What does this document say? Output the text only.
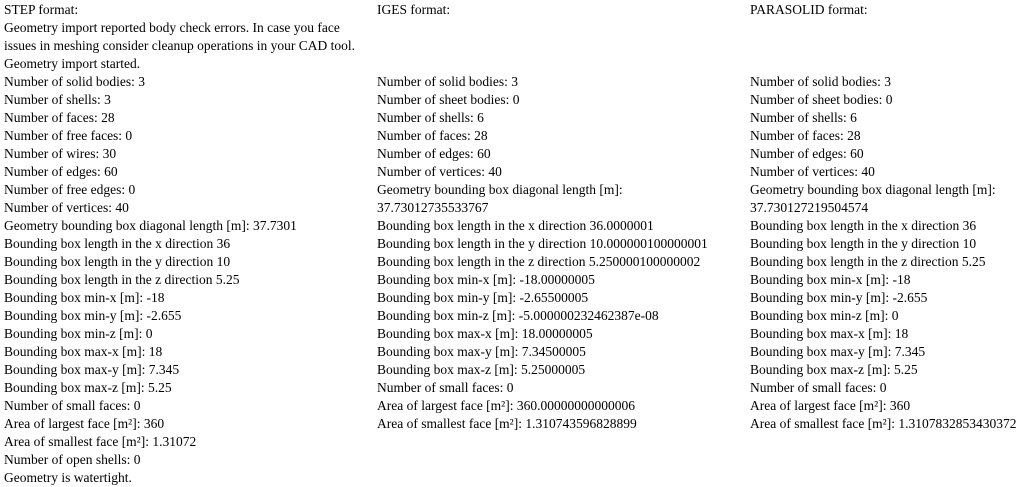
STEP format:
Geometry import reported body check errors. In case you face
issues in meshing consider cleanup operations in your CAD tool.
Geometry import started.
Number of solid bodies: 3
Number of shells: 3
Number of faces: 28
Number of free faces: 0
Number of wires: 30
Number of edges: 60
Number of free edges: 0
Number of vertices: 40
Geometry bounding box diagonal length [m]: 37.7301
Bounding box length in the x direction 36
Bounding box length in the y direction 10
Bounding box length in the z direction 5.25
Bounding box min-x [m]: -18
Bounding box min-y [m]: -2.655
Bounding box min-z [m]: 0
Bounding box max-x [m]: 18
Bounding box max-y [m]: 7.345
Bounding box max-z [m]: 5.25
Number of small faces: 0
Area of largest face [m²]: 360
Area of smallest face [m²]: 1.31072
Number of open shells: 0
Geometry is watertight.
IGES format:

Number of solid bodies: 3
Number of sheet bodies: 0
Number of shells: 6
Number of faces: 28
Number of edges: 60
Number of vertices: 40
Geometry bounding box diagonal length [m]:
37.73012735533767
Bounding box length in the x direction 36.0000001
Bounding box length in the y direction 10.000000100000001
Bounding box length in the z direction 5.250000100000002
Bounding box min-x [m]: -18.00000005
Bounding box min-y [m]: -2.65500005
Bounding box min-z [m]: -5.000000232462387e-08
Bounding box max-x [m]: 18.00000005
Bounding box max-y [m]: 7.34500005
Bounding box max-z [m]: 5.25000005
Number of small faces: 0
Area of largest face [m²]: 360.00000000000006
Area of smallest face [m²]: 1.310743596828899
PARASOLID format:

Number of solid bodies: 3
Number of sheet bodies: 0
Number of shells: 6
Number of faces: 28
Number of edges: 60
Number of vertices: 40
Geometry bounding box diagonal length [m]:
37.730127219504574
Bounding box length in the x direction 36
Bounding box length in the y direction 10
Bounding box length in the z direction 5.25
Bounding box min-x [m]: -18
Bounding box min-y [m]: -2.655
Bounding box min-z [m]: 0
Bounding box max-x [m]: 18
Bounding box max-y [m]: 7.345
Bounding box max-z [m]: 5.25
Number of small faces: 0
Area of largest face [m²]: 360
Area of smallest face [m²]: 1.3107832853430372
